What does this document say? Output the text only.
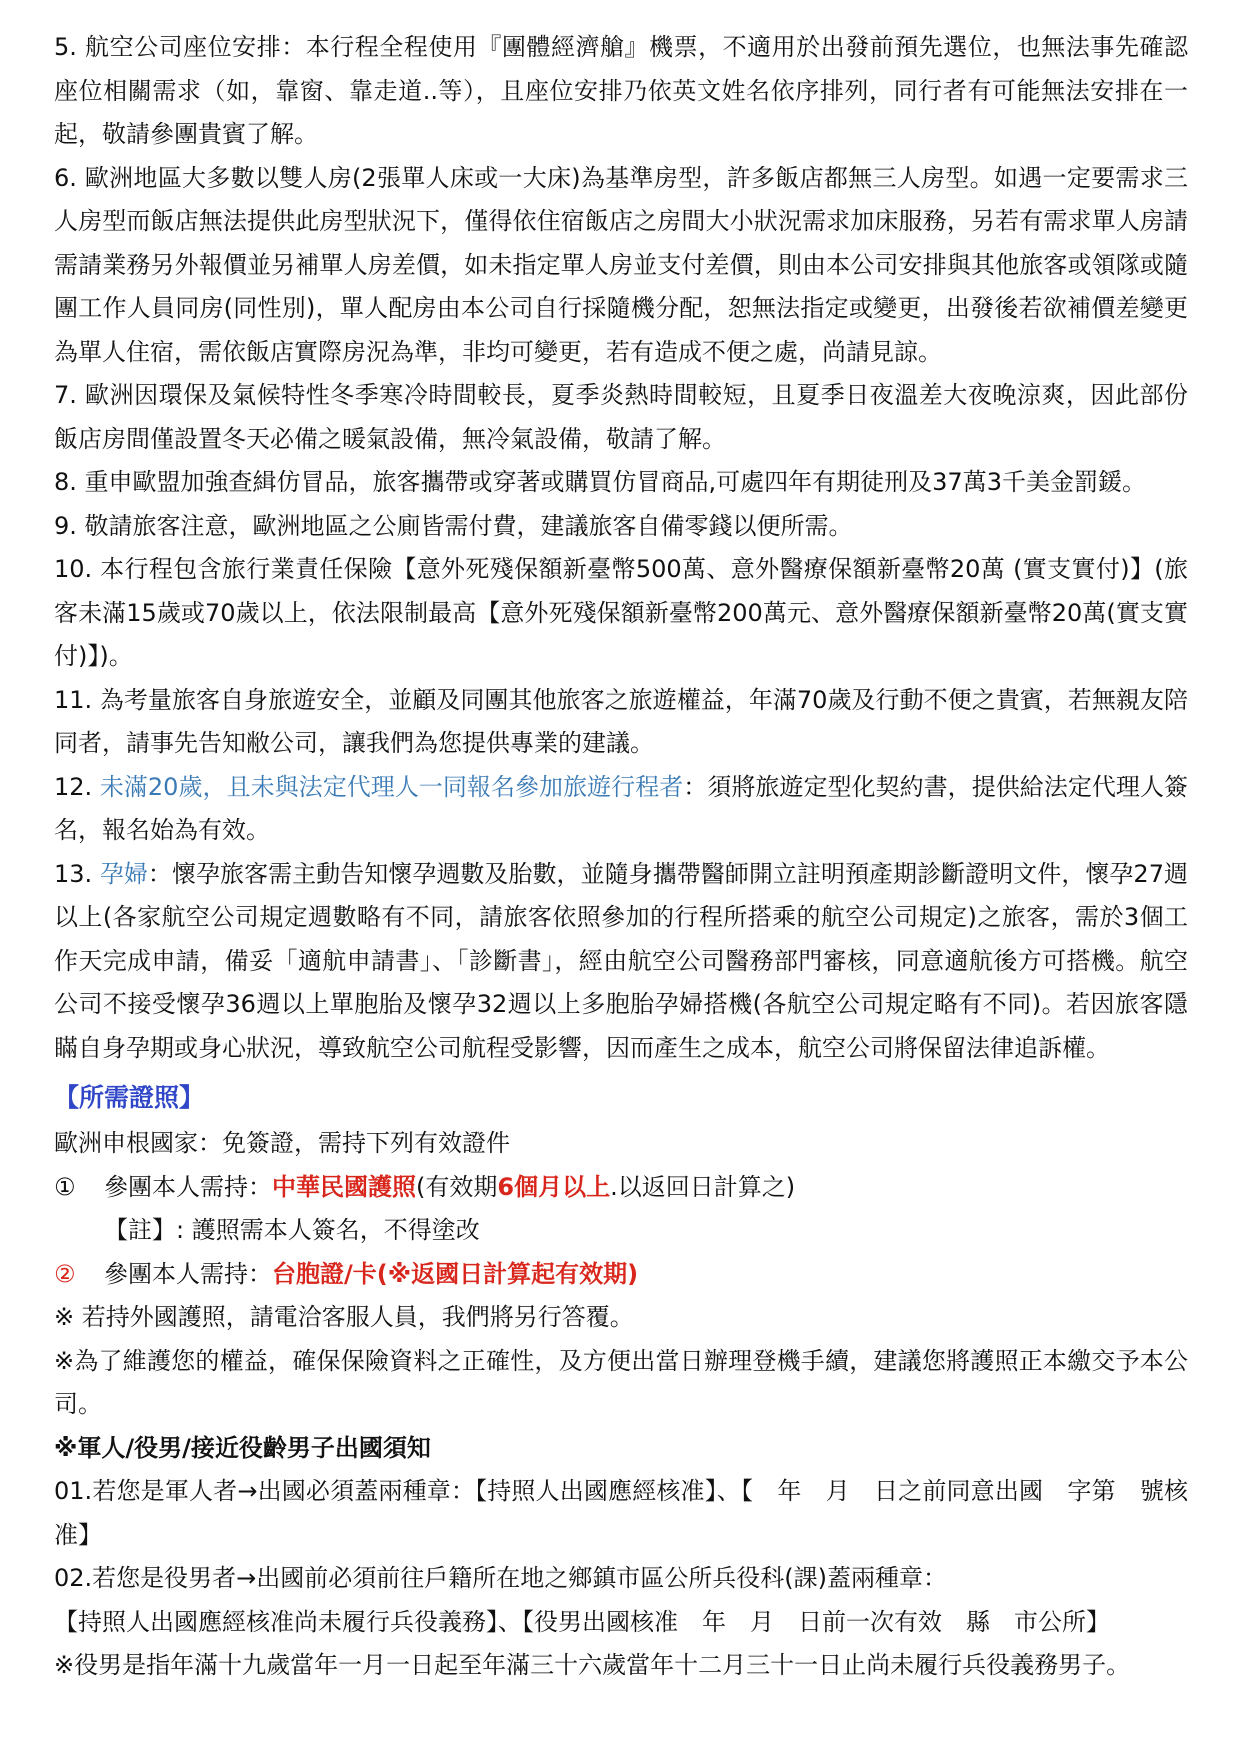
5. 航空公司座位安排：本行程全程使用『團體經濟艙』機票，不適用於出發前預先選位，也無法事先確認座位相關需求（如，靠窗、靠走道..等），且座位安排乃依英文姓名依序排列，同行者有可能無法安排在一起，敬請參團貴賓了解。

6. 歐洲地區大多數以雙人房(2張單人床或一大床)為基準房型，許多飯店都無三人房型。如遇一定要需求三人房型而飯店無法提供此房型狀況下，僅得依住宿飯店之房間大小狀況需求加床服務，另若有需求單人房請需請業務另外報價並另補單人房差價，如未指定單人房並支付差價，則由本公司安排與其他旅客或領隊或隨團工作人員同房(同性別)，單人配房由本公司自行採隨機分配，恕無法指定或變更，出發後若欲補價差變更為單人住宿，需依飯店實際房況為準，非均可變更，若有造成不便之處，尚請見諒。

7. 歐洲因環保及氣候特性冬季寒冷時間較長，夏季炎熱時間較短，且夏季日夜溫差大夜晚涼爽，因此部份飯店房間僅設置冬天必備之暖氣設備，無冷氣設備，敬請了解。

8. 重申歐盟加強查緝仿冒品，旅客攜帶或穿著或購買仿冒商品,可處四年有期徒刑及37萬3千美金罰鍰。

9. 敬請旅客注意，歐洲地區之公廁皆需付費，建議旅客自備零錢以便所需。

10. 本行程包含旅行業責任保險【意外死殘保額新臺幣500萬、意外醫療保額新臺幣20萬 (實支實付)】(旅客未滿15歲或70歲以上，依法限制最高【意外死殘保額新臺幣200萬元、意外醫療保額新臺幣20萬(實支實付)】)。

11. 為考量旅客自身旅遊安全，並顧及同團其他旅客之旅遊權益，年滿70歲及行動不便之貴賓，若無親友陪同者，請事先告知敝公司，讓我們為您提供專業的建議。

12. 未滿20歲，且未與法定代理人一同報名參加旅遊行程者：須將旅遊定型化契約書，提供給法定代理人簽名，報名始為有效。

13. 孕婦：懷孕旅客需主動告知懷孕週數及胎數，並隨身攜帶醫師開立註明預產期診斷證明文件，懷孕27週以上(各家航空公司規定週數略有不同，請旅客依照參加的行程所搭乘的航空公司規定)之旅客，需於3個工作天完成申請，備妥「適航申請書」、「診斷書」，經由航空公司醫務部門審核，同意適航後方可搭機。航空公司不接受懷孕36週以上單胞胎及懷孕32週以上多胞胎孕婦搭機(各航空公司規定略有不同)。若因旅客隱瞞自身孕期或身心狀況，導致航空公司航程受影響，因而產生之成本，航空公司將保留法律追訴權。

【所需證照】

歐洲申根國家：免簽證，需持下列有效證件

① 參團本人需持：中華民國護照(有效期6個月以上.以返回日計算之)

【註】: 護照需本人簽名，不得塗改

② 參團本人需持：台胞證/卡(※返國日計算起有效期)

※ 若持外國護照，請電洽客服人員，我們將另行答覆。

※為了維護您的權益，確保保險資料之正確性，及方便出當日辦理登機手續，建議您將護照正本繳交予本公司。

※軍人/役男/接近役齡男子出國須知

01.若您是軍人者→出國必須蓋兩種章：【持照人出國應經核准】、【　年　月　日之前同意出國　字第　號核准】

02.若您是役男者→出國前必須前往戶籍所在地之鄉鎮市區公所兵役科(課)蓋兩種章：

【持照人出國應經核准尚未履行兵役義務】、【役男出國核准　年　月　日前一次有效　縣　市公所】

※役男是指年滿十九歲當年一月一日起至年滿三十六歲當年十二月三十一日止尚未履行兵役義務男子。
